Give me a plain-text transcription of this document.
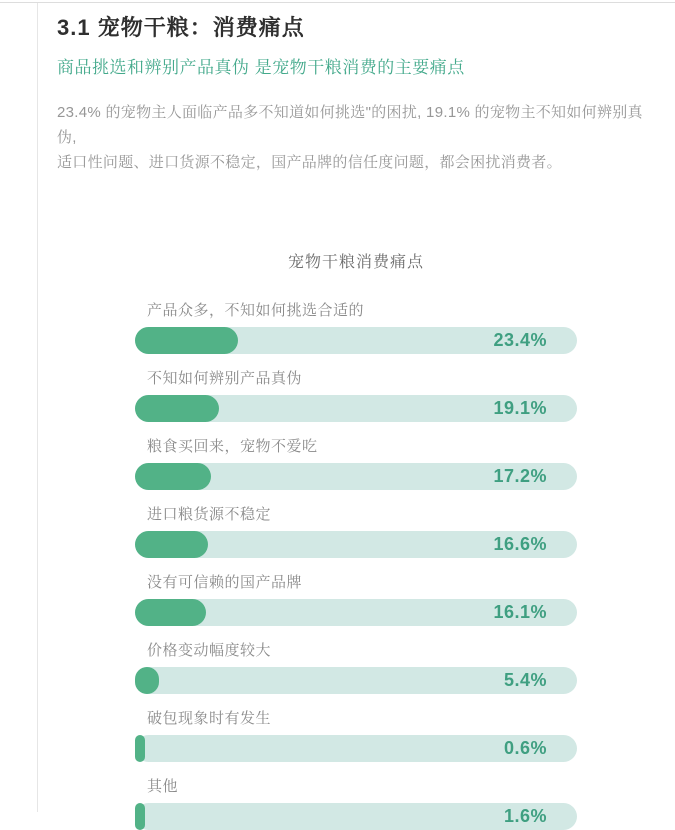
3.1 宠物干粮：消费痛点
商品挑选和辨别产品真伪 是宠物干粮消费的主要痛点

23.4% 的宠物主人面临产品多不知道如何挑选"的困扰, 19.1% 的宠物主不知如何辨别真伪,
适口性问题、进口货源不稳定，国产品牌的信任度问题，都会困扰消费者。

宠物干粮消费痛点
产品众多，不知如何挑选合适的
23.4%
不知如何辨别产品真伪
19.1%
粮食买回来，宠物不爱吃
17.2%
进口粮货源不稳定
16.6%
没有可信赖的国产品牌
16.1%
价格变动幅度较大
5.4%
破包现象时有发生
0.6%
其他
1.6%
